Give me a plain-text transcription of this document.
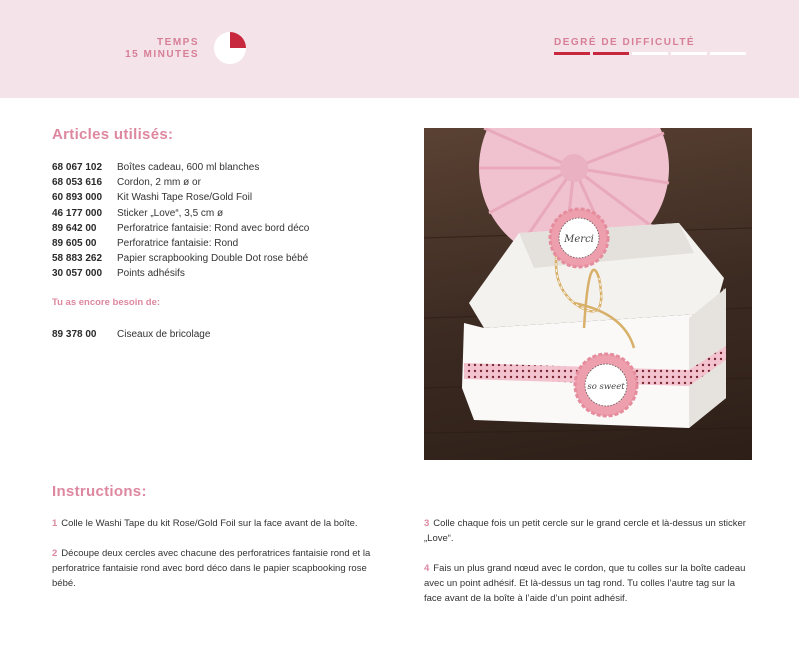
TEMPS
15 MINUTES
DEGRÉ DE DIFFICULTÉ
Articles utilisés:
68 067 102	Boîtes cadeau, 600 ml blanches
68 053 616	Cordon, 2 mm ø or
60 893 000	Kit Washi Tape Rose/Gold Foil
46 177 000	Sticker „Love“, 3,5 cm ø
89 642 00	Perforatrice fantaisie: Rond avec bord déco
89 605 00	Perforatrice fantaisie: Rond
58 883 262	Papier scrapbooking Double Dot rose bébé
30 057 000	Points adhésifs
Tu as encore besoin de:
89 378 00	Ciseaux de bricolage
Merci
so sweet
Instructions:

1 Colle le Washi Tape du kit Rose/Gold Foil sur la face avant de la boîte.

2 Découpe deux cercles avec chacune des perforatrices fantaisie rond et la perforatrice fantaisie rond avec bord déco dans le papier scapbooking rose bébé.

3 Colle chaque fois un petit cercle sur le grand cercle et là-dessus un sticker „Love“.

4 Fais un plus grand nœud avec le cordon, que tu colles sur la boîte cadeau avec un point adhésif. Et là-dessus un tag rond. Tu colles l’autre tag sur la face avant de la boîte à l’aide d’un point adhésif.
